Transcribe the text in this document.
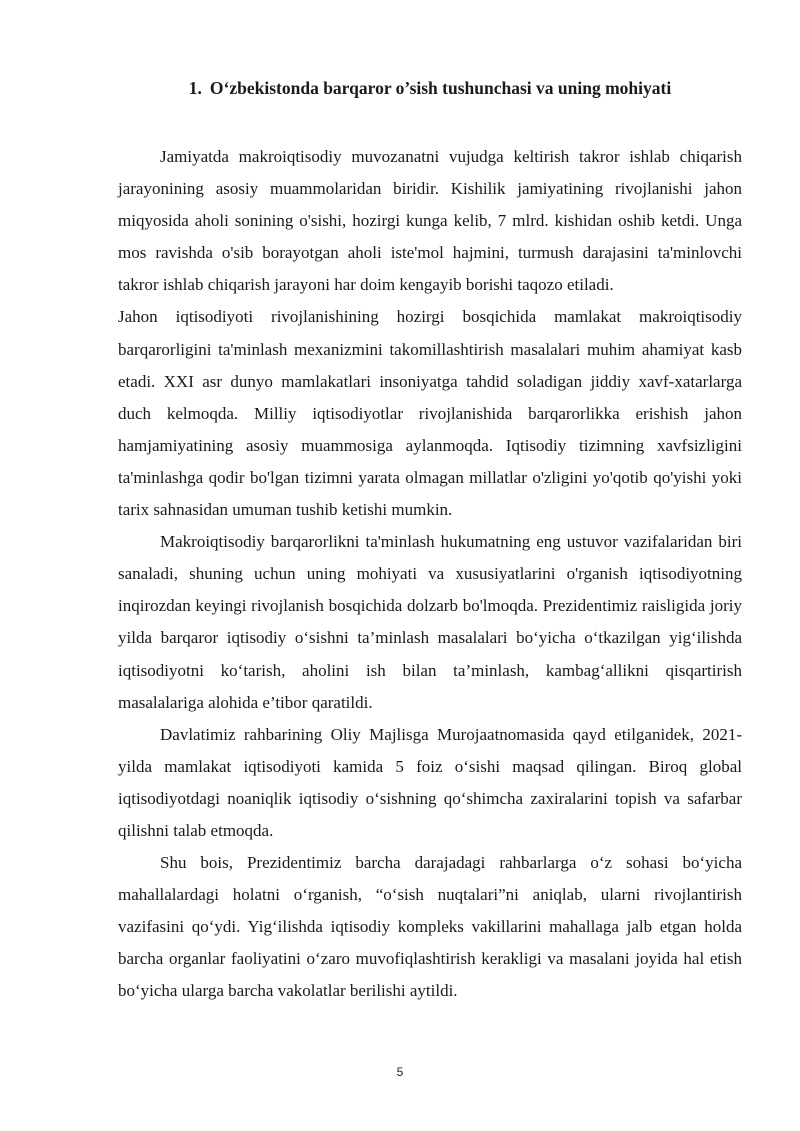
1. O‘zbekistonda barqaror o’sish tushunchasi va uning mohiyati

Jamiyatda makroiqtisodiy muvozanatni vujudga keltirish takror ishlab chiqarish jarayonining asosiy muammolaridan biridir. Kishilik jamiyatining rivojlanishi jahon miqyosida aholi sonining o'sishi, hozirgi kunga kelib, 7 mlrd. kishidan oshib ketdi. Unga mos ravishda o'sib borayotgan aholi iste'mol hajmini, turmush darajasini ta'minlovchi takror ishlab chiqarish jarayoni har doim kengayib borishi taqozo etiladi.

Jahon iqtisodiyoti rivojlanishining hozirgi bosqichida mamlakat makroiqtisodiy barqarorligini ta'minlash mexanizmini takomillashtirish masalalari muhim ahamiyat kasb etadi. XXI asr dunyo mamlakatlari insoniyatga tahdid soladigan jiddiy xavf-xatarlarga duch kelmoqda. Milliy iqtisodiyotlar rivojlanishida barqarorlikka erishish jahon hamjamiyatining asosiy muammosiga aylanmoqda. Iqtisodiy tizimning xavfsizligini ta'minlashga qodir bo'lgan tizimni yarata olmagan millatlar o'zligini yo'qotib qo'yishi yoki tarix sahnasidan umuman tushib ketishi mumkin.

Makroiqtisodiy barqarorlikni ta'minlash hukumatning eng ustuvor vazifalaridan biri sanaladi, shuning uchun uning mohiyati va xususiyatlarini o'rganish iqtisodiyotning inqirozdan keyingi rivojlanish bosqichida dolzarb bo'lmoqda. Prezidentimiz raisligida joriy yilda barqaror iqtisodiy o‘sishni ta’minlash masalalari bo‘yicha o‘tkazilgan yig‘ilishda iqtisodiyotni ko‘tarish, aholini ish bilan ta’minlash, kambag‘allikni qisqartirish masalalariga alohida e’tibor qaratildi.

Davlatimiz rahbarining Oliy Majlisga Murojaatnomasida qayd etilganidek, 2021-yilda mamlakat iqtisodiyoti kamida 5 foiz o‘sishi maqsad qilingan. Biroq global iqtisodiyotdagi noaniqlik iqtisodiy o‘sishning qo‘shimcha zaxiralarini topish va safarbar qilishni talab etmoqda.

Shu bois, Prezidentimiz barcha darajadagi rahbarlarga o‘z sohasi bo‘yicha mahallalardagi holatni o‘rganish, “o‘sish nuqtalari”ni aniqlab, ularni rivojlantirish vazifasini qo‘ydi. Yig‘ilishda iqtisodiy kompleks vakillarini mahallaga jalb etgan holda barcha organlar faoliyatini o‘zaro muvofiqlashtirish kerakligi va masalani joyida hal etish bo‘yicha ularga barcha vakolatlar berilishi aytildi.

5
